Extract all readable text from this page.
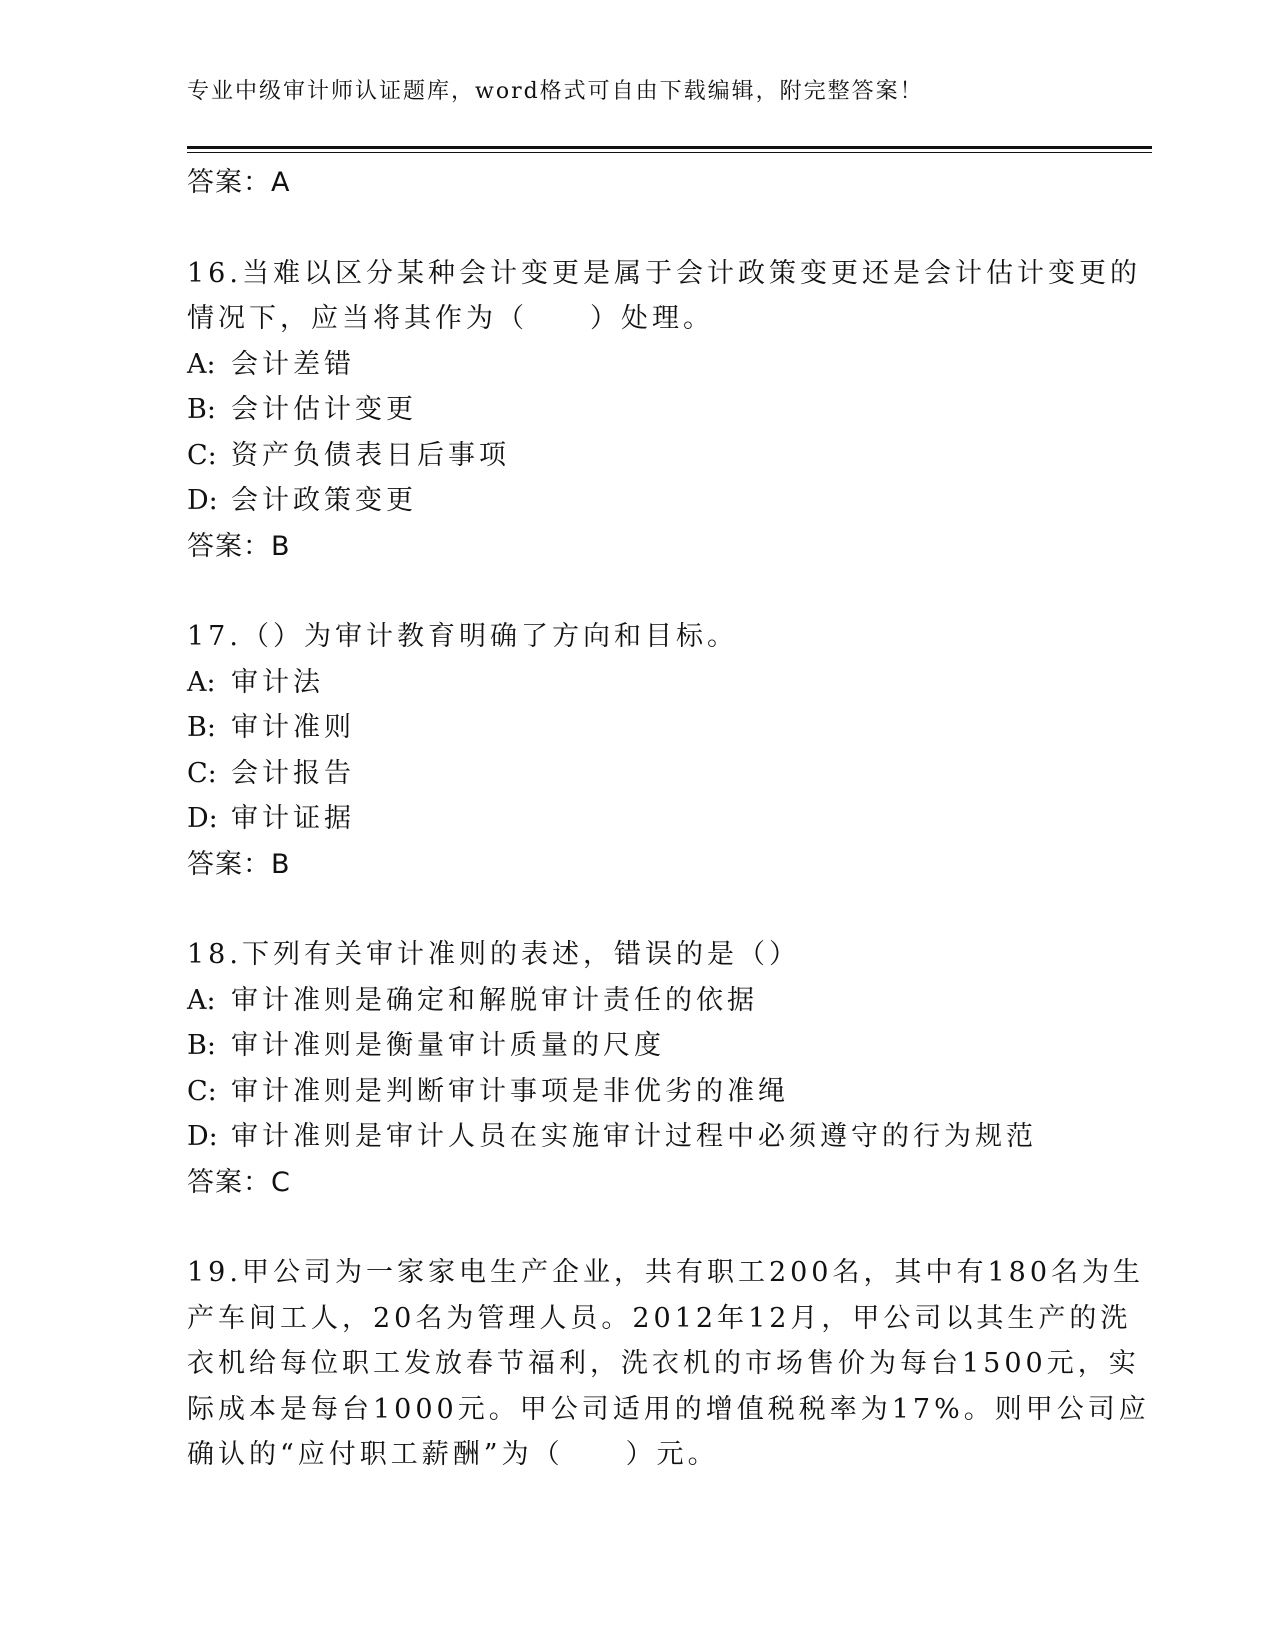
专业中级审计师认证题库，word格式可自由下载编辑，附完整答案！
答案：A
16.当难以区分某种会计变更是属于会计政策变更还是会计估计变更的
情况下，应当将其作为（　　）处理。
A: 会计差错
B: 会计估计变更
C: 资产负债表日后事项
D: 会计政策变更
答案：B
17.（）为审计教育明确了方向和目标。
A: 审计法
B: 审计准则
C: 会计报告
D: 审计证据
答案：B
18.下列有关审计准则的表述，错误的是（）
A: 审计准则是确定和解脱审计责任的依据
B: 审计准则是衡量审计质量的尺度
C: 审计准则是判断审计事项是非优劣的准绳
D: 审计准则是审计人员在实施审计过程中必须遵守的行为规范
答案：C
19.甲公司为一家家电生产企业，共有职工200名，其中有180名为生
产车间工人，20名为管理人员。2012年12月，甲公司以其生产的洗
衣机给每位职工发放春节福利，洗衣机的市场售价为每台1500元，实
际成本是每台1000元。甲公司适用的增值税税率为17%。则甲公司应
确认的“应付职工薪酬”为（　　）元。
